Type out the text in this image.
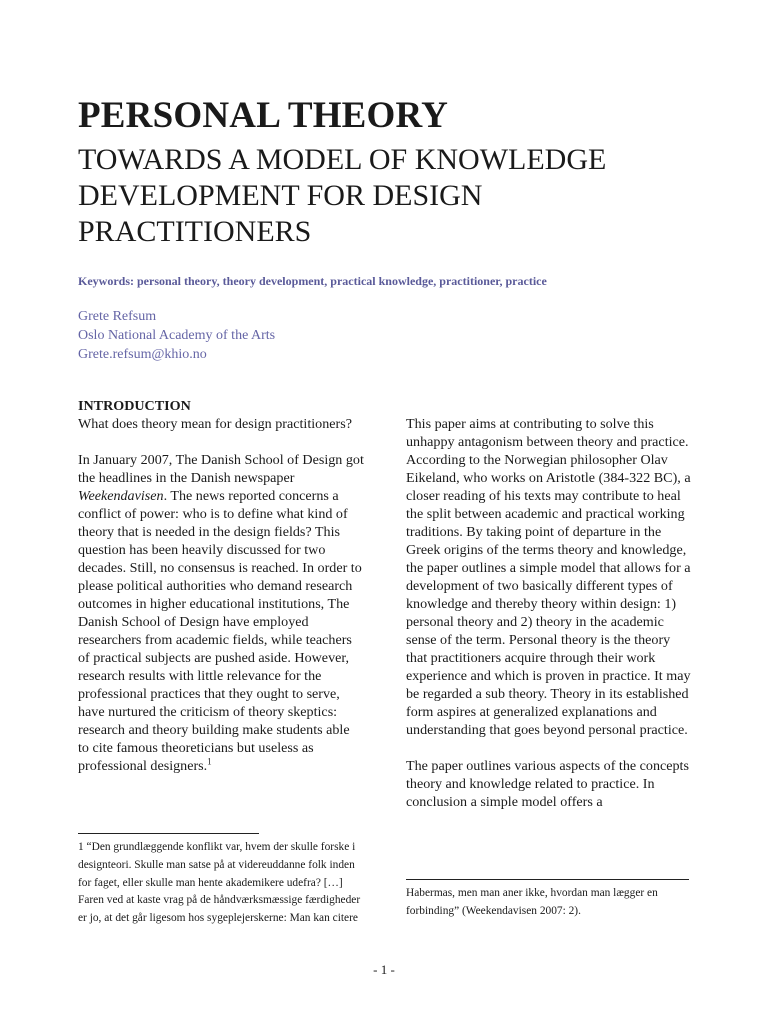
PERSONAL THEORY
TOWARDS A MODEL OF KNOWLEDGE DEVELOPMENT FOR DESIGN PRACTITIONERS

Keywords: personal theory, theory development, practical knowledge, practitioner, practice

Grete Refsum
Oslo National Academy of the Arts
Grete.refsum@khio.no
INTRODUCTION

What does theory mean for design practitioners?

In January 2007, The Danish School of Design got the headlines in the Danish newspaper Weekendavisen. The news reported concerns a conflict of power: who is to define what kind of theory that is needed in the design fields? This question has been heavily discussed for two decades. Still, no consensus is reached. In order to please political authorities who demand research outcomes in higher educational institutions, The Danish School of Design have employed researchers from academic fields, while teachers of practical subjects are pushed aside. However, research results with little relevance for the professional practices that they ought to serve, have nurtured the criticism of theory skeptics: research and theory building make students able to cite famous theoreticians but useless as professional designers.$^1$

This paper aims at contributing to solve this unhappy antagonism between theory and practice. According to the Norwegian philosopher Olav Eikeland, who works on Aristotle (384-322 BC), a closer reading of his texts may contribute to heal the split between academic and practical working traditions. By taking point of departure in the Greek origins of the terms theory and knowledge, the paper outlines a simple model that allows for a development of two basically different types of knowledge and thereby theory within design: 1) personal theory and 2) theory in the academic sense of the term. Personal theory is the theory that practitioners acquire through their work experience and which is proven in practice. It may be regarded a sub theory. Theory in its established form aspires at generalized explanations and understanding that goes beyond personal practice.

The paper outlines various aspects of the concepts theory and knowledge related to practice. In conclusion a simple model offers a

1 “Den grundlæggende konflikt var, hvem der skulle forske i designteori. Skulle man satse på at videreuddanne folk inden for faget, eller skulle man hente akademikere udefra? […] Faren ved at kaste vrag på de håndværksmæssige færdigheder er jo, at det går ligesom hos sygeplejerskerne: Man kan citere

Habermas, men man aner ikke, hvordan man lægger en forbinding” (Weekendavisen 2007: 2).

- 1 -
